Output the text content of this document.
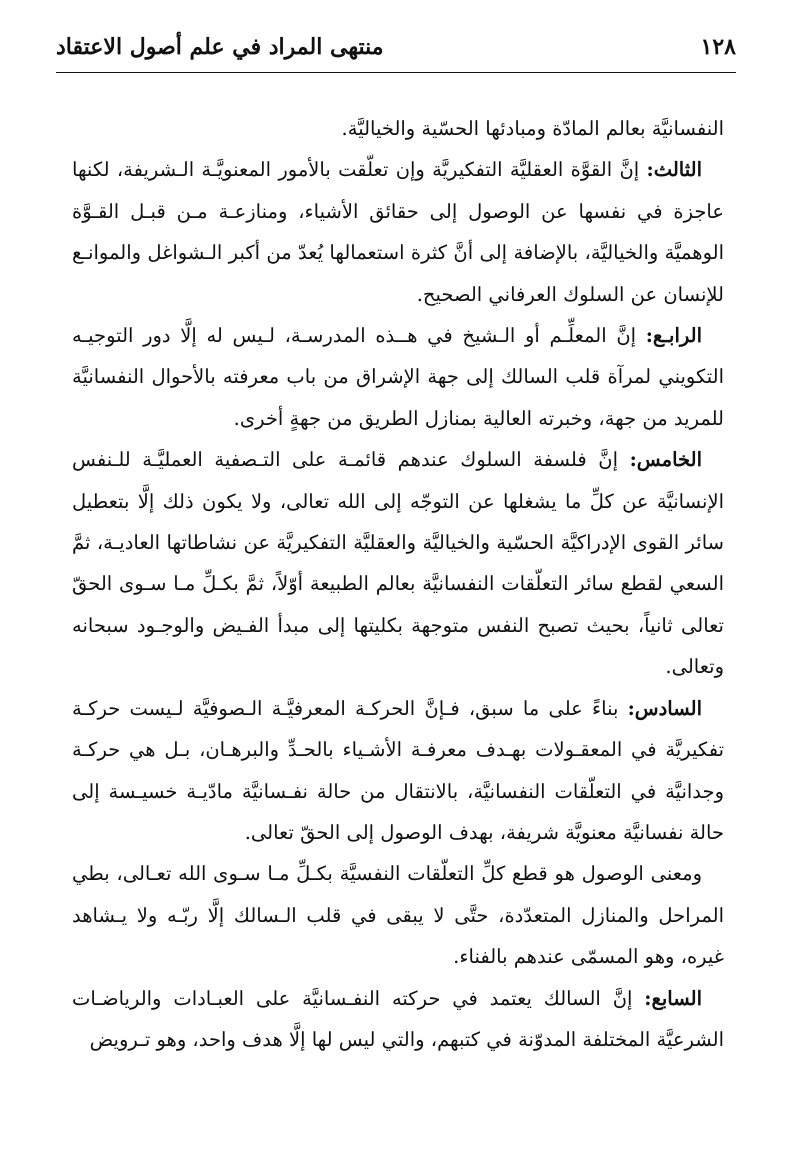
١٢٨
منتهى المراد في علم أصول الاعتقاد

النفسانيَّة بعالم المادّة ومبادئها الحسّية والخياليَّة.

الثالث: إنَّ القوَّة العقليَّة التفكيريَّة وإن تعلّقت بالأمور المعنويَّـة الـشريفة، لكنها عاجزة في نفسها عن الوصول إلى حقائق الأشياء، ومنازعـة مـن قبـل القـوَّة الوهميَّة والخياليَّة، بالإضافة إلى أنَّ كثرة استعمالها يُعدّ من أكبر الـشواغل والموانـع للإنسان عن السلوك العرفاني الصحيح.

الرابـع: إنَّ المعلِّـم أو الـشيخ في هــذه المدرسـة، لـيس له إلَّا دور التوجيـه التكويني لمرآة قلب السالك إلى جهة الإشراق من باب معرفته بالأحوال النفسانيَّة للمريد من جهة، وخبرته العالية بمنازل الطريق من جهةٍ أخرى.

الخامس: إنَّ فلسفة السلوك عندهم قائمـة على التـصفية العمليَّـة للـنفس الإنسانيَّة عن كلِّ ما يشغلها عن التوجّه إلى الله تعالى، ولا يكون ذلك إلَّا بتعطيل سائر القوى الإدراكيَّة الحسّية والخياليَّة والعقليَّة التفكيريَّة عن نشاطاتها العاديـة، ثمَّ السعي لقطع سائر التعلّقات النفسانيَّة بعالم الطبيعة أوّلاً، ثمَّ بكـلِّ مـا سـوى الحقّ تعالى ثانياً، بحيث تصبح النفس متوجهة بكليتها إلى مبدأ الفـيض والوجـود سبحانه وتعالى.

السادس: بناءً على ما سبق، فـإنَّ الحركـة المعرفيَّـة الـصوفيَّة لـيست حركـة تفكيريَّة في المعقـولات بهـدف معرفـة الأشـياء بالحـدِّ والبرهـان، بـل هي حركـة وجدانيَّة في التعلّقات النفسانيَّة، بالانتقال من حالة نفـسانيَّة مادّيـة خسيـسة إلى حالة نفسانيَّة معنويَّة شريفة، بهدف الوصول إلى الحقّ تعالى.

ومعنى الوصول هو قطع كلِّ التعلّقات النفسيَّة بكـلِّ مـا سـوى الله تعـالى، بطي المراحل والمنازل المتعدّدة، حتَّى لا يبقى في قلب الـسالك إلَّا ربّـه ولا يـشاهد غيره، وهو المسمّى عندهم بالفناء.

السابع: إنَّ السالك يعتمد في حركته النفـسانيَّة على العبـادات والرياضـات الشرعيَّة المختلفة المدوّنة في كتبهم، والتي ليس لها إلَّا هدف واحد، وهو تـرويض
